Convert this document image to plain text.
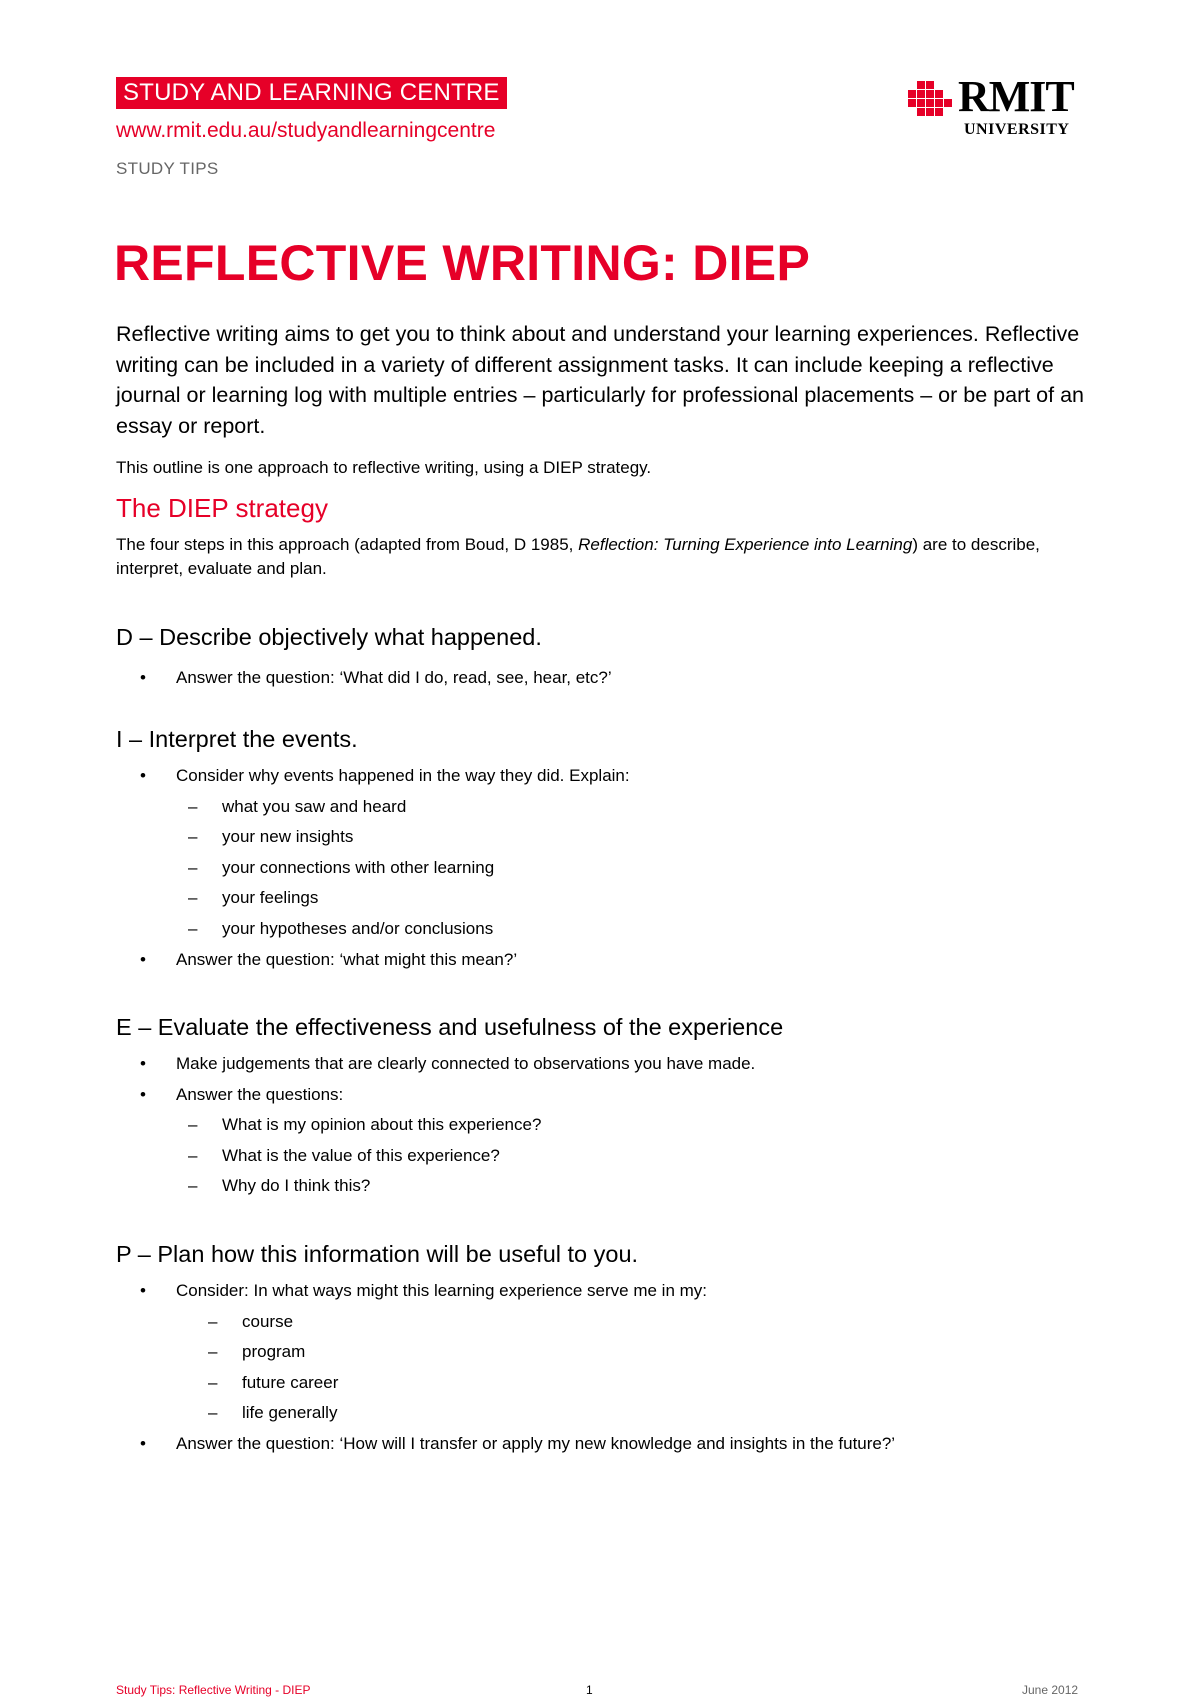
STUDY AND LEARNING CENTRE
www.rmit.edu.au/studyandlearningcentre
STUDY TIPS
RMIT
UNIVERSITY
REFLECTIVE WRITING: DIEP

Reflective writing aims to get you to think about and understand your learning experiences. Reflective writing can be included in a variety of different assignment tasks. It can include keeping a reflective journal or learning log with multiple entries – particularly for professional placements – or be part of an essay or report.

This outline is one approach to reflective writing, using a DIEP strategy.

The DIEP strategy

The four steps in this approach (adapted from Boud, D 1985, Reflection: Turning Experience into Learning) are to describe, interpret, evaluate and plan.

D – Describe objectively what happened.
• Answer the question: ‘What did I do, read, see, hear, etc?’
I – Interpret the events.
• Consider why events happened in the way they did. Explain:
– what you saw and heard
– your new insights
– your connections with other learning
– your feelings
– your hypotheses and/or conclusions
• Answer the question: ‘what might this mean?’
E – Evaluate the effectiveness and usefulness of the experience
• Make judgements that are clearly connected to observations you have made.
• Answer the questions:
– What is my opinion about this experience?
– What is the value of this experience?
– Why do I think this?
P – Plan how this information will be useful to you.
• Consider: In what ways might this learning experience serve me in my:
– course
– program
– future career
– life generally
• Answer the question: ‘How will I transfer or apply my new knowledge and insights in the future?’
Study Tips: Reflective Writing - DIEP	1	June 2012
